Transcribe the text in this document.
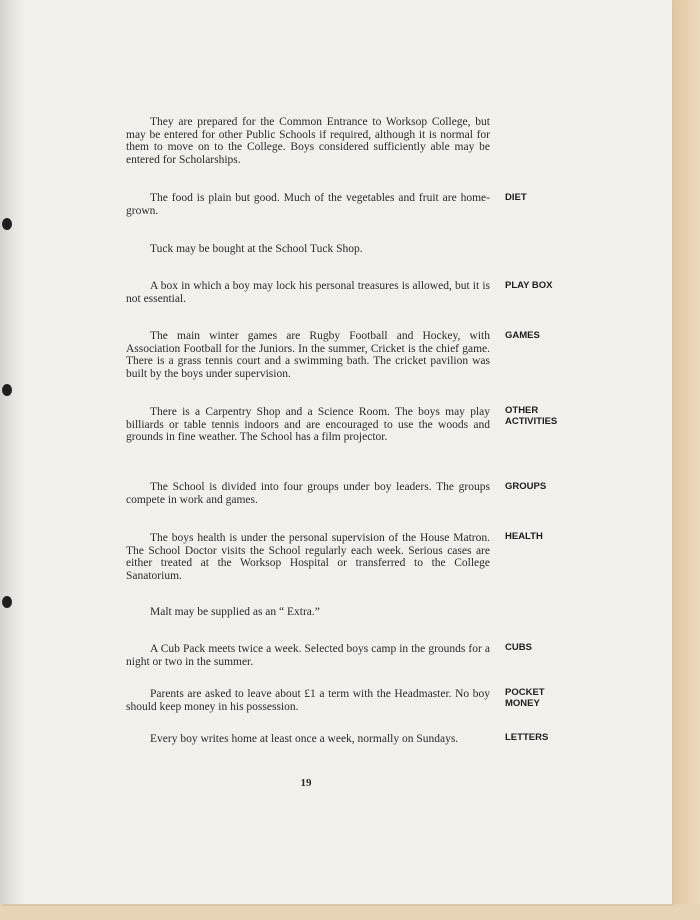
They are prepared for the Common Entrance to Worksop College, but may be entered for other Public Schools if required, although it is normal for them to move on to the College. Boys considered sufficiently able may be entered for Scholarships.

The food is plain but good. Much of the vegetables and fruit are home-grown.

DIET

Tuck may be bought at the School Tuck Shop.

A box in which a boy may lock his personal treasures is allowed, but it is not essential.

PLAY BOX

The main winter games are Rugby Football and Hockey, with Association Football for the Juniors. In the summer, Cricket is the chief game. There is a grass tennis court and a swimming bath. The cricket pavilion was built by the boys under supervision.

GAMES

There is a Carpentry Shop and a Science Room. The boys may play billiards or table tennis indoors and are encouraged to use the woods and grounds in fine weather. The School has a film projector.

OTHER ACTIVITIES

The School is divided into four groups under boy leaders. The groups compete in work and games.

GROUPS

The boys health is under the personal supervision of the House Matron. The School Doctor visits the School regularly each week. Serious cases are either treated at the Worksop Hospital or transferred to the College Sanatorium.

HEALTH

Malt may be supplied as an “ Extra.”

A Cub Pack meets twice a week. Selected boys camp in the grounds for a night or two in the summer.

CUBS

Parents are asked to leave about £1 a term with the Headmaster. No boy should keep money in his possession.

POCKET MONEY

Every boy writes home at least once a week, normally on Sundays.	LETTERS
19
